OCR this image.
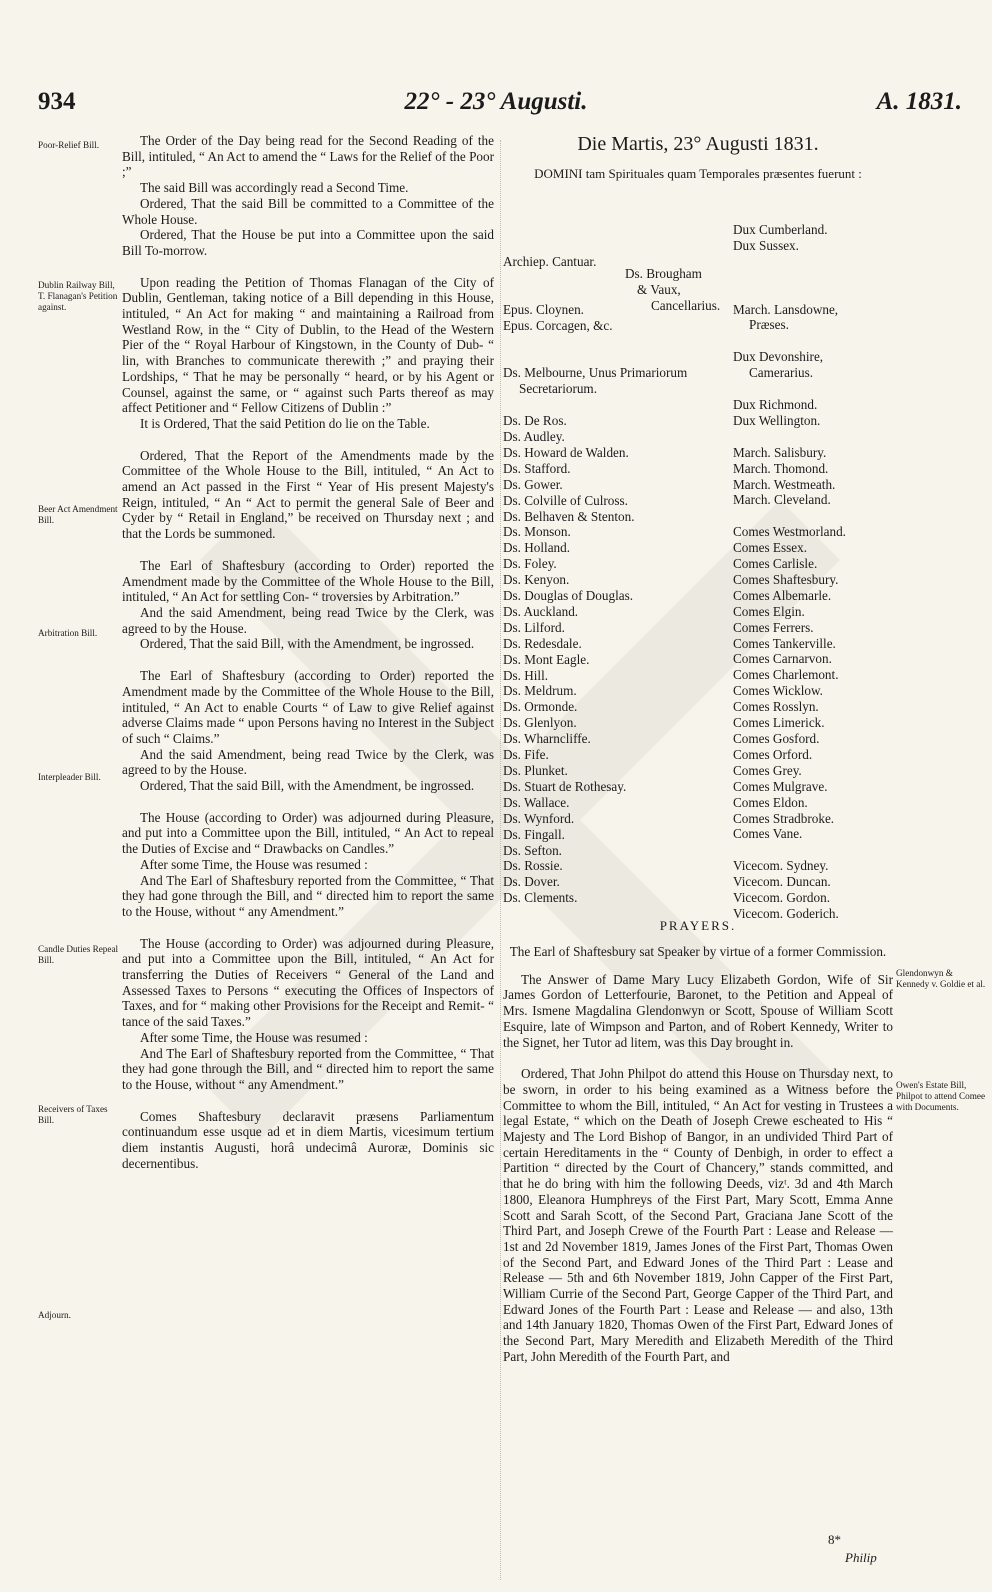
934	22° - 23° Augusti.	A. 1831.
Poor-Relief Bill.
Dublin Railway Bill, T. Flanagan's Petition against.
Beer Act Amendment Bill.
Arbitration Bill.
Interpleader Bill.
Candle Duties Repeal Bill.
Receivers of Taxes Bill.
Adjourn.

The Order of the Day being read for the Second Reading of the Bill, intituled, “ An Act to amend the “ Laws for the Relief of the Poor ;”

The said Bill was accordingly read a Second Time.

Ordered, That the said Bill be committed to a Committee of the Whole House.

Ordered, That the House be put into a Committee upon the said Bill To-morrow.

Upon reading the Petition of Thomas Flanagan of the City of Dublin, Gentleman, taking notice of a Bill depending in this House, intituled, “ An Act for making “ and maintaining a Railroad from Westland Row, in the “ City of Dublin, to the Head of the Western Pier of the “ Royal Harbour of Kingstown, in the County of Dub- “ lin, with Branches to communicate therewith ;” and praying their Lordships, “ That he may be personally “ heard, or by his Agent or Counsel, against the same, or “ against such Parts thereof as may affect Petitioner and “ Fellow Citizens of Dublin :”

It is Ordered, That the said Petition do lie on the Table.

Ordered, That the Report of the Amendments made by the Committee of the Whole House to the Bill, intituled, “ An Act to amend an Act passed in the First “ Year of His present Majesty's Reign, intituled, “ An “ Act to permit the general Sale of Beer and Cyder by “ Retail in England,” be received on Thursday next ; and that the Lords be summoned.

The Earl of Shaftesbury (according to Order) reported the Amendment made by the Committee of the Whole House to the Bill, intituled, “ An Act for settling Con- “ troversies by Arbitration.”

And the said Amendment, being read Twice by the Clerk, was agreed to by the House.

Ordered, That the said Bill, with the Amendment, be ingrossed.

The Earl of Shaftesbury (according to Order) reported the Amendment made by the Committee of the Whole House to the Bill, intituled, “ An Act to enable Courts “ of Law to give Relief against adverse Claims made “ upon Persons having no Interest in the Subject of such “ Claims.”

And the said Amendment, being read Twice by the Clerk, was agreed to by the House.

Ordered, That the said Bill, with the Amendment, be ingrossed.

The House (according to Order) was adjourned during Pleasure, and put into a Committee upon the Bill, intituled, “ An Act to repeal the Duties of Excise and “ Drawbacks on Candles.”

After some Time, the House was resumed :

And The Earl of Shaftesbury reported from the Committee, “ That they had gone through the Bill, and “ directed him to report the same to the House, without “ any Amendment.”

The House (according to Order) was adjourned during Pleasure, and put into a Committee upon the Bill, intituled, “ An Act for transferring the Duties of Receivers “ General of the Land and Assessed Taxes to Persons “ executing the Offices of Inspectors of Taxes, and for “ making other Provisions for the Receipt and Remit- “ tance of the said Taxes.”

After some Time, the House was resumed :

And The Earl of Shaftesbury reported from the Committee, “ That they had gone through the Bill, and “ directed him to report the same to the House, without “ any Amendment.”

Comes Shaftesbury declaravit præsens Parliamentum continuandum esse usque ad et in diem Martis, vicesimum tertium diem instantis Augusti, horâ undecimâ Auroræ, Dominis sic decernentibus.

Die Martis, 23° Augusti 1831.
DOMINI tam Spirituales quam Temporales præsentes fuerunt :
Archiep. Cantuar.

Epus. Cloynen.
Epus. Corcagen, &c.

Ds. Melbourne, Unus Primariorum
Secretariorum.

Ds. De Ros.
Ds. Audley.
Ds. Howard de Walden.
Ds. Stafford.
Ds. Gower.
Ds. Colville of Culross.
Ds. Belhaven & Stenton.
Ds. Monson.
Ds. Holland.
Ds. Foley.
Ds. Kenyon.
Ds. Douglas of Douglas.
Ds. Auckland.
Ds. Lilford.
Ds. Redesdale.
Ds. Mont Eagle.
Ds. Hill.
Ds. Meldrum.
Ds. Ormonde.
Ds. Glenlyon.
Ds. Wharncliffe.
Ds. Fife.
Ds. Plunket.
Ds. Stuart de Rothesay.
Ds. Wallace.
Ds. Wynford.
Ds. Fingall.
Ds. Sefton.
Ds. Rossie.
Ds. Dover.
Ds. Clements.
Ds. Brougham
& Vaux,
Cancellarius.
Dux Cumberland.
Dux Sussex.

March. Lansdowne,
Præses.

Dux Devonshire,
Camerarius.

Dux Richmond.
Dux Wellington.

March. Salisbury.
March. Thomond.
March. Westmeath.
March. Cleveland.

Comes Westmorland.
Comes Essex.
Comes Carlisle.
Comes Shaftesbury.
Comes Albemarle.
Comes Elgin.
Comes Ferrers.
Comes Tankerville.
Comes Carnarvon.
Comes Charlemont.
Comes Wicklow.
Comes Rosslyn.
Comes Limerick.
Comes Gosford.
Comes Orford.
Comes Grey.
Comes Mulgrave.
Comes Eldon.
Comes Stradbroke.
Comes Vane.

Vicecom. Sydney.
Vicecom. Duncan.
Vicecom. Gordon.
Vicecom. Goderich.
PRAYERS.
The Earl of Shaftesbury sat Speaker by virtue of a former Commission.

The Answer of Dame Mary Lucy Elizabeth Gordon, Wife of Sir James Gordon of Letterfourie, Baronet, to the Petition and Appeal of Mrs. Ismene Magdalina Glendonwyn or Scott, Spouse of William Scott Esquire, late of Wimpson and Parton, and of Robert Kennedy, Writer to the Signet, her Tutor ad litem, was this Day brought in.

Ordered, That John Philpot do attend this House on Thursday next, to be sworn, in order to his being examined as a Witness before the Committee to whom the Bill, intituled, “ An Act for vesting in Trustees a legal Estate, “ which on the Death of Joseph Crewe escheated to His “ Majesty and The Lord Bishop of Bangor, in an undivided Third Part of certain Hereditaments in the “ County of Denbigh, in order to effect a Partition “ directed by the Court of Chancery,” stands committed, and that he do bring with him the following Deeds, vizᵗ. 3d and 4th March 1800, Eleanora Humphreys of the First Part, Mary Scott, Emma Anne Scott and Sarah Scott, of the Second Part, Graciana Jane Scott of the Third Part, and Joseph Crewe of the Fourth Part : Lease and Release — 1st and 2d November 1819, James Jones of the First Part, Thomas Owen of the Second Part, and Edward Jones of the Third Part : Lease and Release — 5th and 6th November 1819, John Capper of the First Part, William Currie of the Second Part, George Capper of the Third Part, and Edward Jones of the Fourth Part : Lease and Release — and also, 13th and 14th January 1820, Thomas Owen of the First Part, Edward Jones of the Second Part, Mary Meredith and Elizabeth Meredith of the Third Part, John Meredith of the Fourth Part, and

Glendonwyn & Kennedy v. Goldie et al.
Owen's Estate Bill, Philpot to attend Comee with Documents.
8*
Philip
